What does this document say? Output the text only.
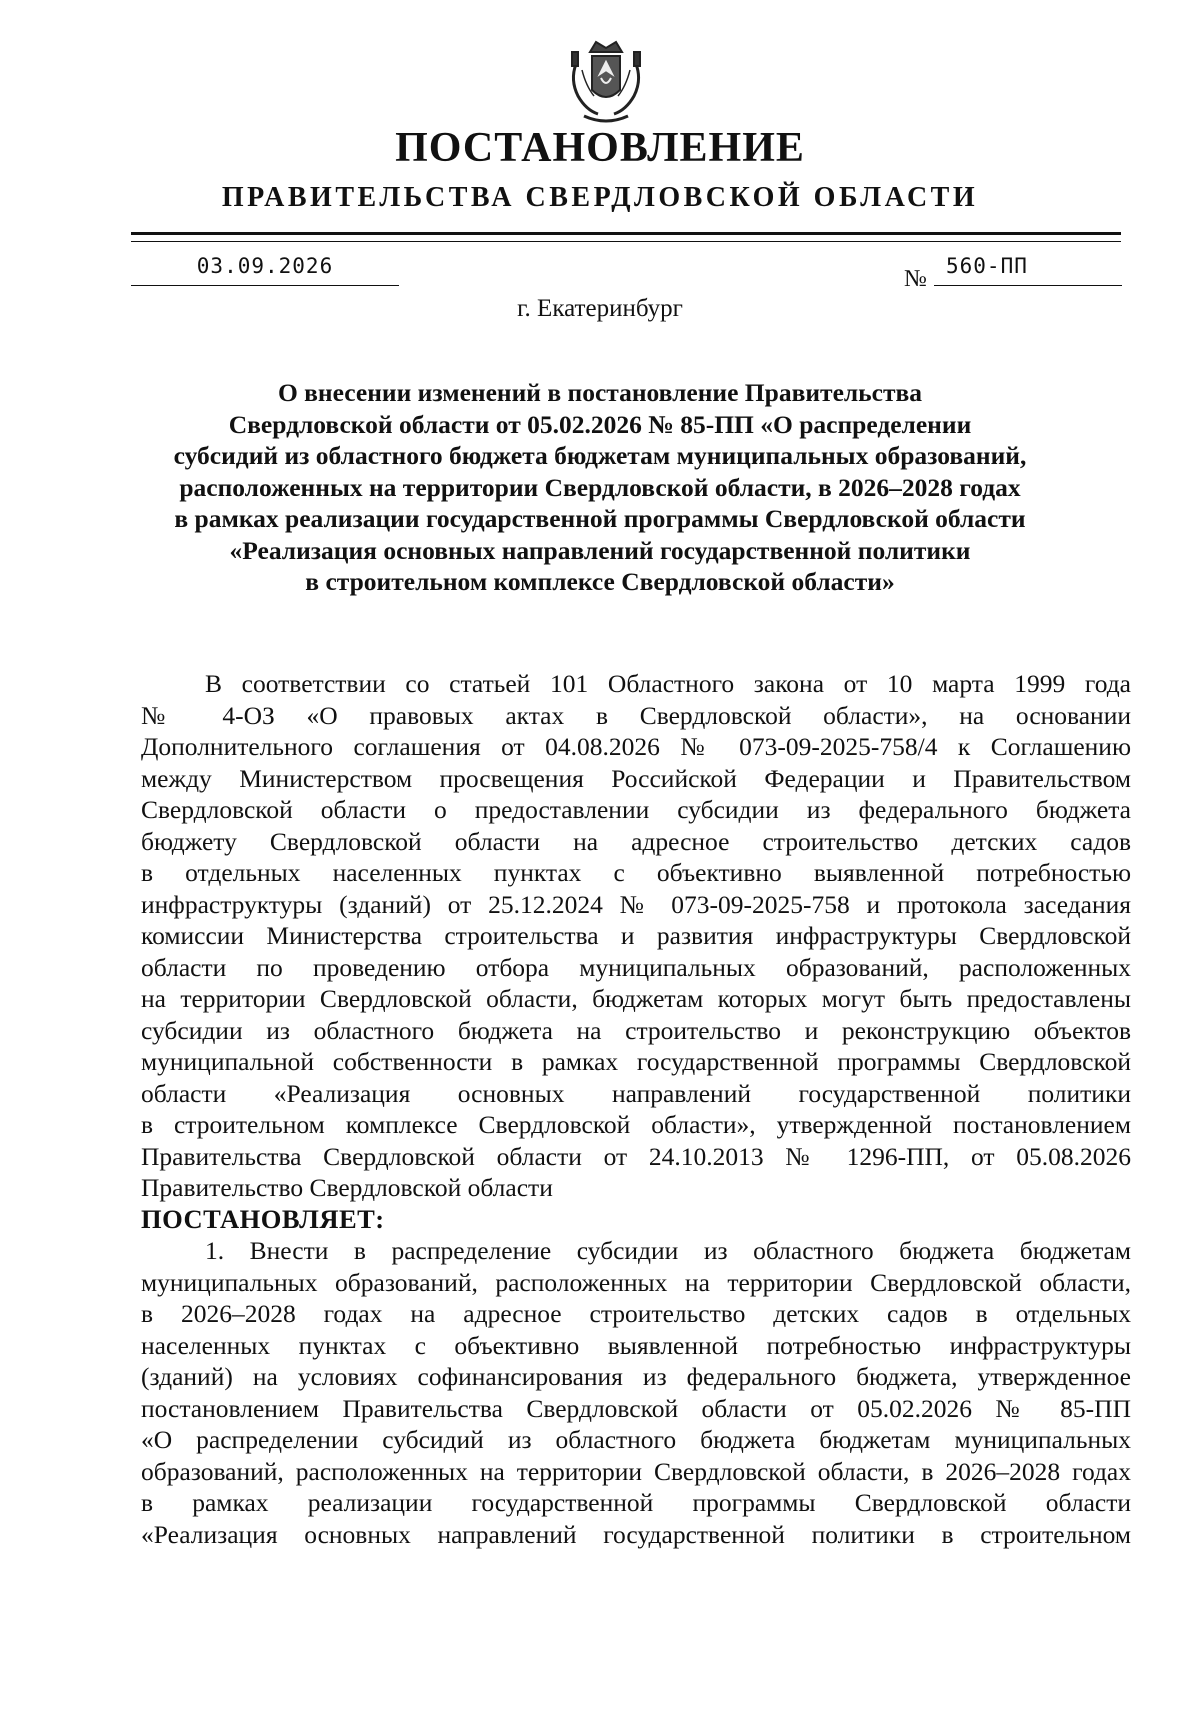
ПОСТАНОВЛЕНИЕ
ПРАВИТЕЛЬСТВА СВЕРДЛОВСКОЙ ОБЛАСТИ
03.09.2026	№ 560-ПП
г. Екатеринбург
О внесении изменений в постановление Правительства
Свердловской области от 05.02.2026 № 85-ПП «О распределении
субсидий из областного бюджета бюджетам муниципальных образований,
расположенных на территории Свердловской области, в 2026–2028 годах
в рамках реализации государственной программы Свердловской области
«Реализация основных направлений государственной политики
в строительном комплексе Свердловской области»
В соответствии со статьей 101 Областного закона от 10 марта 1999 года
№ 4-ОЗ «О правовых актах в Свердловской области», на основании
Дополнительного соглашения от 04.08.2026 № 073-09-2025-758/4 к Соглашению
между Министерством просвещения Российской Федерации и Правительством
Свердловской области о предоставлении субсидии из федерального бюджета
бюджету Свердловской области на адресное строительство детских садов
в отдельных населенных пунктах с объективно выявленной потребностью
инфраструктуры (зданий) от 25.12.2024 № 073-09-2025-758 и протокола заседания
комиссии Министерства строительства и развития инфраструктуры Свердловской
области по проведению отбора муниципальных образований, расположенных
на территории Свердловской области, бюджетам которых могут быть предоставлены
субсидии из областного бюджета на строительство и реконструкцию объектов
муниципальной собственности в рамках государственной программы Свердловской
области «Реализация основных направлений государственной политики
в строительном комплексе Свердловской области», утвержденной постановлением
Правительства Свердловской области от 24.10.2013 № 1296-ПП, от 05.08.2026
Правительство Свердловской области
ПОСТАНОВЛЯЕТ:
1. Внести в распределение субсидии из областного бюджета бюджетам
муниципальных образований, расположенных на территории Свердловской области,
в 2026–2028 годах на адресное строительство детских садов в отдельных
населенных пунктах с объективно выявленной потребностью инфраструктуры
(зданий) на условиях софинансирования из федерального бюджета, утвержденное
постановлением Правительства Свердловской области от 05.02.2026 № 85-ПП
«О распределении субсидий из областного бюджета бюджетам муниципальных
образований, расположенных на территории Свердловской области, в 2026–2028 годах
в рамках реализации государственной программы Свердловской области
«Реализация основных направлений государственной политики в строительном
